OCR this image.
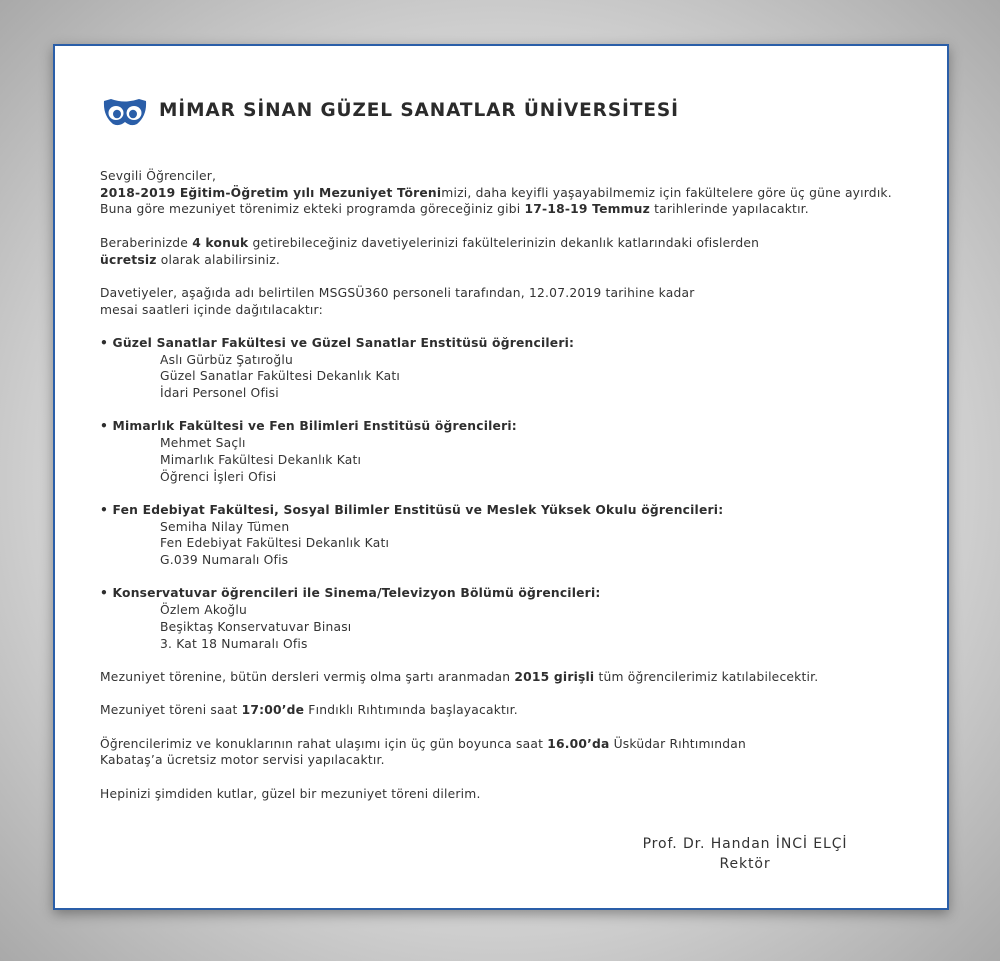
MİMAR SİNAN GÜZEL SANATLAR ÜNİVERSİTESİ
Sevgili Öğrenciler,
2018-2019 Eğitim-Öğretim yılı Mezuniyet Törenimizi, daha keyifli yaşayabilmemiz için fakültelere göre üç güne ayırdık.
Buna göre mezuniyet törenimiz ekteki programda göreceğiniz gibi 17-18-19 Temmuz tarihlerinde yapılacaktır.
Beraberinizde 4 konuk getirebileceğiniz davetiyelerinizi fakültelerinizin dekanlık katlarındaki ofislerden
ücretsiz olarak alabilirsiniz.
Davetiyeler, aşağıda adı belirtilen MSGSÜ360 personeli tarafından, 12.07.2019 tarihine kadar
mesai saatleri içinde dağıtılacaktır:
• Güzel Sanatlar Fakültesi ve Güzel Sanatlar Enstitüsü öğrencileri:
Aslı Gürbüz Şatıroğlu
Güzel Sanatlar Fakültesi Dekanlık Katı
İdari Personel Ofisi
• Mimarlık Fakültesi ve Fen Bilimleri Enstitüsü öğrencileri:
Mehmet Saçlı
Mimarlık Fakültesi Dekanlık Katı
Öğrenci İşleri Ofisi
• Fen Edebiyat Fakültesi, Sosyal Bilimler Enstitüsü ve Meslek Yüksek Okulu öğrencileri:
Semiha Nilay Tümen
Fen Edebiyat Fakültesi Dekanlık Katı
G.039 Numaralı Ofis
• Konservatuvar öğrencileri ile Sinema/Televizyon Bölümü öğrencileri:
Özlem Akoğlu
Beşiktaş Konservatuvar Binası
3. Kat 18 Numaralı Ofis
Mezuniyet törenine, bütün dersleri vermiş olma şartı aranmadan 2015 girişli tüm öğrencilerimiz katılabilecektir.
Mezuniyet töreni saat 17:00’de Fındıklı Rıhtımında başlayacaktır.
Öğrencilerimiz ve konuklarının rahat ulaşımı için üç gün boyunca saat 16.00’da Üsküdar Rıhtımından
Kabataş’a ücretsiz motor servisi yapılacaktır.
Hepinizi şimdiden kutlar, güzel bir mezuniyet töreni dilerim.
Prof. Dr. Handan İNCİ ELÇİ
Rektör
